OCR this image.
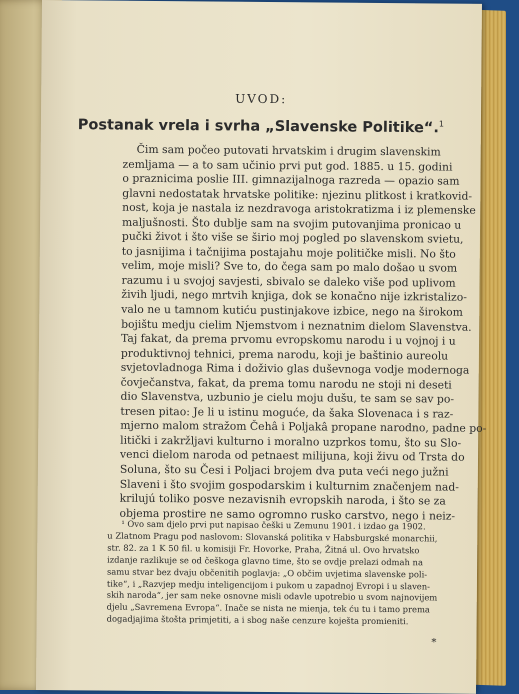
UVOD:
Postanak vrela i svrha „Slavenske Politike“.$^1$
Čim sam počeo putovati hrvatskim i drugim slavenskim
zemljama — a to sam učinio prvi put god. 1885. u 15. godini
o praznicima poslie III. gimnazijalnoga razreda — opazio sam
glavni nedostatak hrvatske politike: njezinu plitkost i kratkovid-
nost, koja je nastala iz nezdravoga aristokratizma i iz plemenske
maljušnosti. Što dublje sam na svojim putovanjima pronicao u
pučki život i što više se širio moj pogled po slavenskom svietu,
to jasnijima i tačnijima postajahu moje političke misli. No što
velim, moje misli? Sve to, do čega sam po malo došao u svom
razumu i u svojoj savjesti, sbivalo se daleko više pod uplivom
živih ljudi, nego mrtvih knjiga, dok se konačno nije izkristalizo-
valo ne u tamnom kutiću pustinjakove izbice, nego na širokom
bojištu medju cielim Njemstvom i neznatnim dielom Slavenstva.
Taj fakat, da prema prvomu evropskomu narodu i u vojnoj i u
produktivnoj tehnici, prema narodu, koji je baštinio aureolu
svjetovladnoga Rima i doživio glas duševnoga vodje modernoga
čovječanstva, fakat, da prema tomu narodu ne stoji ni deseti
dio Slavenstva, uzbunio je cielu moju dušu, te sam se sav po-
tresen pitao: Je li u istinu moguće, da šaka Slovenaca i s raz-
mjerno malom stražom Čehâ i Poljakâ propane narodno, padne po-
litički i zakržljavi kulturno i moralno uzprkos tomu, što su Slo-
venci dielom naroda od petnaest milijuna, koji živu od Trsta do
Soluna, što su Česi i Poljaci brojem dva puta veći nego južni
Slaveni i što svojim gospodarskim i kulturnim značenjem nad-
krilujú toliko posve nezavisnih evropskih naroda, i što se za
objema prostire ne samo ogromno rusko carstvo, nego i neiz-
¹ Ovo sam djelo prvi put napisao češki u Zemunu 1901. i izdao ga 1902.
u Zlatnom Pragu pod naslovom: Slovanská politika v Habsburgské monarchii,
str. 82. za 1 K 50 fil. u komisiji Fr. Hovorke, Praha, Žitná ul. Ovo hrvatsko
izdanje razlikuje se od češkoga glavno time, što se ovdje prelazi odmah na
samu stvar bez dvaju občenitih poglavja: „O občim uvjetima slavenske poli-
tike“, i „Razvjep medju inteligencijom i pukom u zapadnoj Evropi i u slaven-
skih naroda“, jer sam neke osnovne misli odavle upotrebio u svom najnovijem
djelu „Savremena Evropa“. Inače se nista ne mienja, tek ću tu i tamo prema
dogadjajima štošta primjetiti, a i sbog naše cenzure koješta promieniti.
*
